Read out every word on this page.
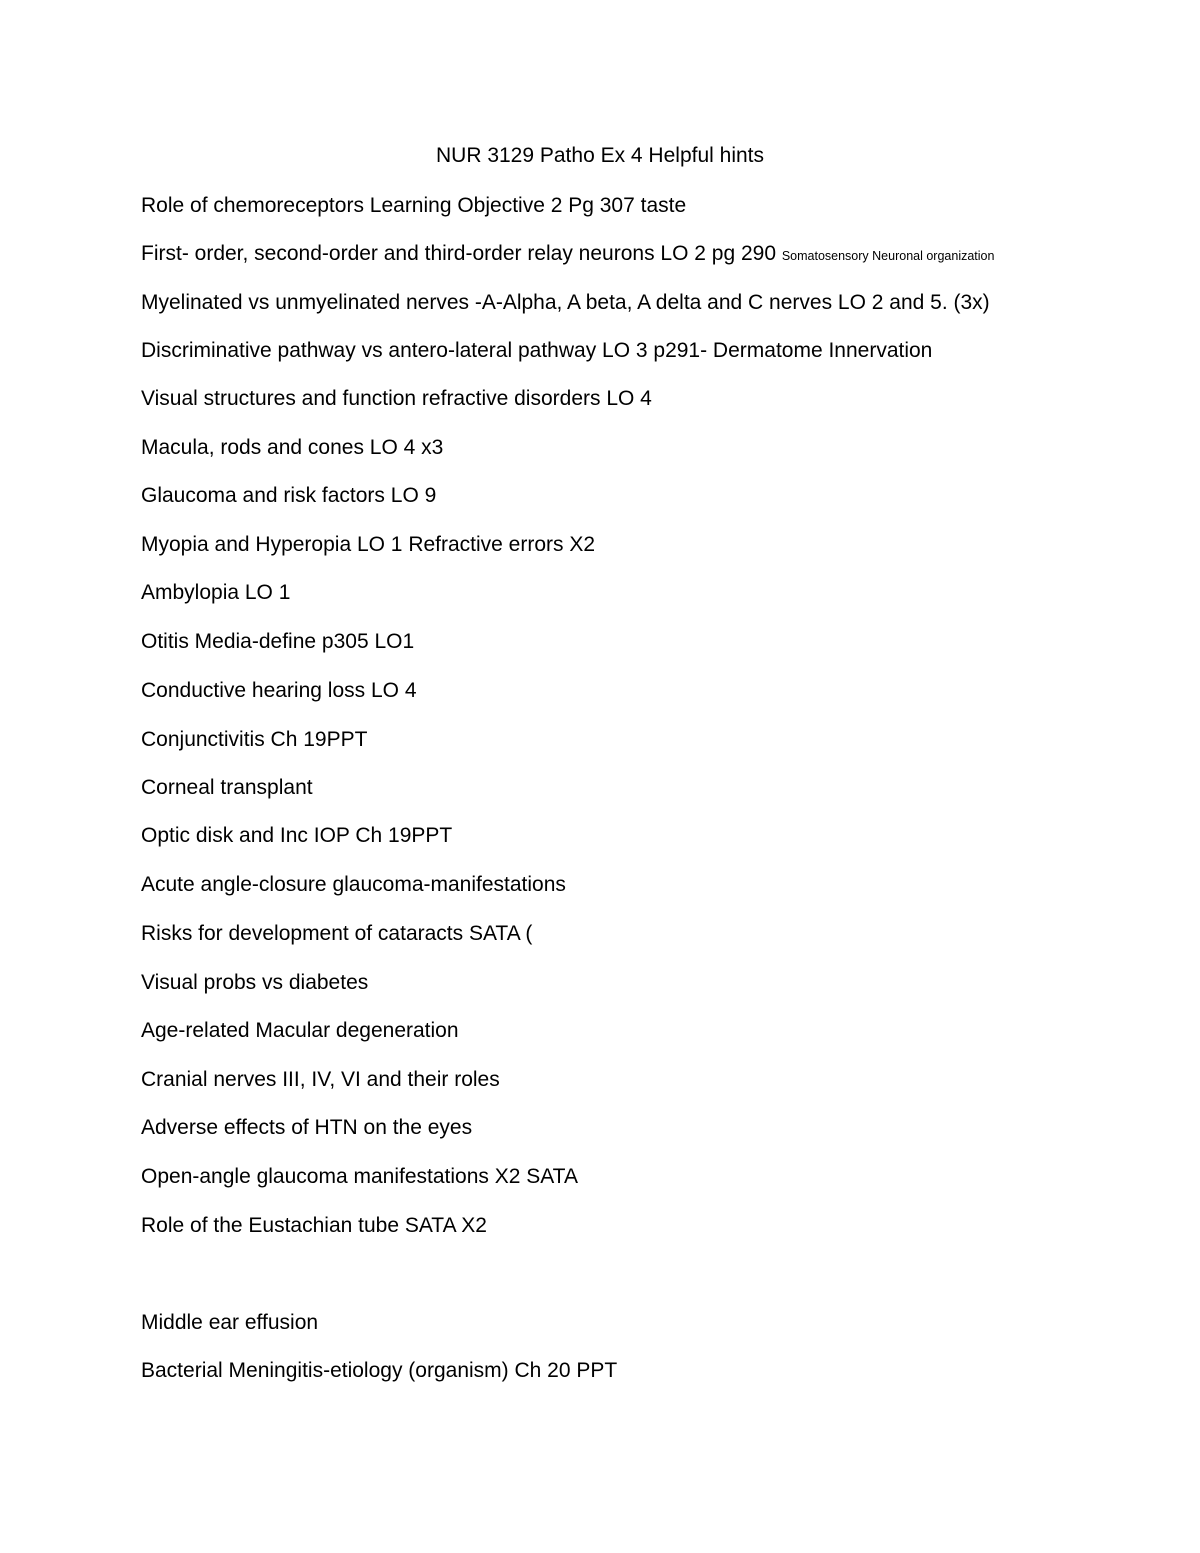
NUR 3129 Patho Ex 4 Helpful hints
Role of chemoreceptors Learning Objective 2 Pg 307 taste
First- order, second-order and third-order relay neurons LO 2 pg 290 Somatosensory Neuronal organization
Myelinated vs unmyelinated nerves -A-Alpha, A beta, A delta and C nerves LO 2 and 5. (3x)
Discriminative pathway vs antero-lateral pathway LO 3 p291- Dermatome Innervation
Visual structures and function refractive disorders LO 4
Macula, rods and cones LO 4 x3
Glaucoma and risk factors LO 9
Myopia and Hyperopia LO 1 Refractive errors X2
Ambylopia LO 1
Otitis Media-define p305 LO1
Conductive hearing loss LO 4
Conjunctivitis Ch 19PPT
Corneal transplant
Optic disk and Inc IOP Ch 19PPT
Acute angle-closure glaucoma-manifestations
Risks for development of cataracts SATA (
Visual probs vs diabetes
Age-related Macular degeneration
Cranial nerves III, IV, VI and their roles
Adverse effects of HTN on the eyes
Open-angle glaucoma manifestations X2 SATA
Role of the Eustachian tube SATA X2
Middle ear effusion
Bacterial Meningitis-etiology (organism) Ch 20 PPT
